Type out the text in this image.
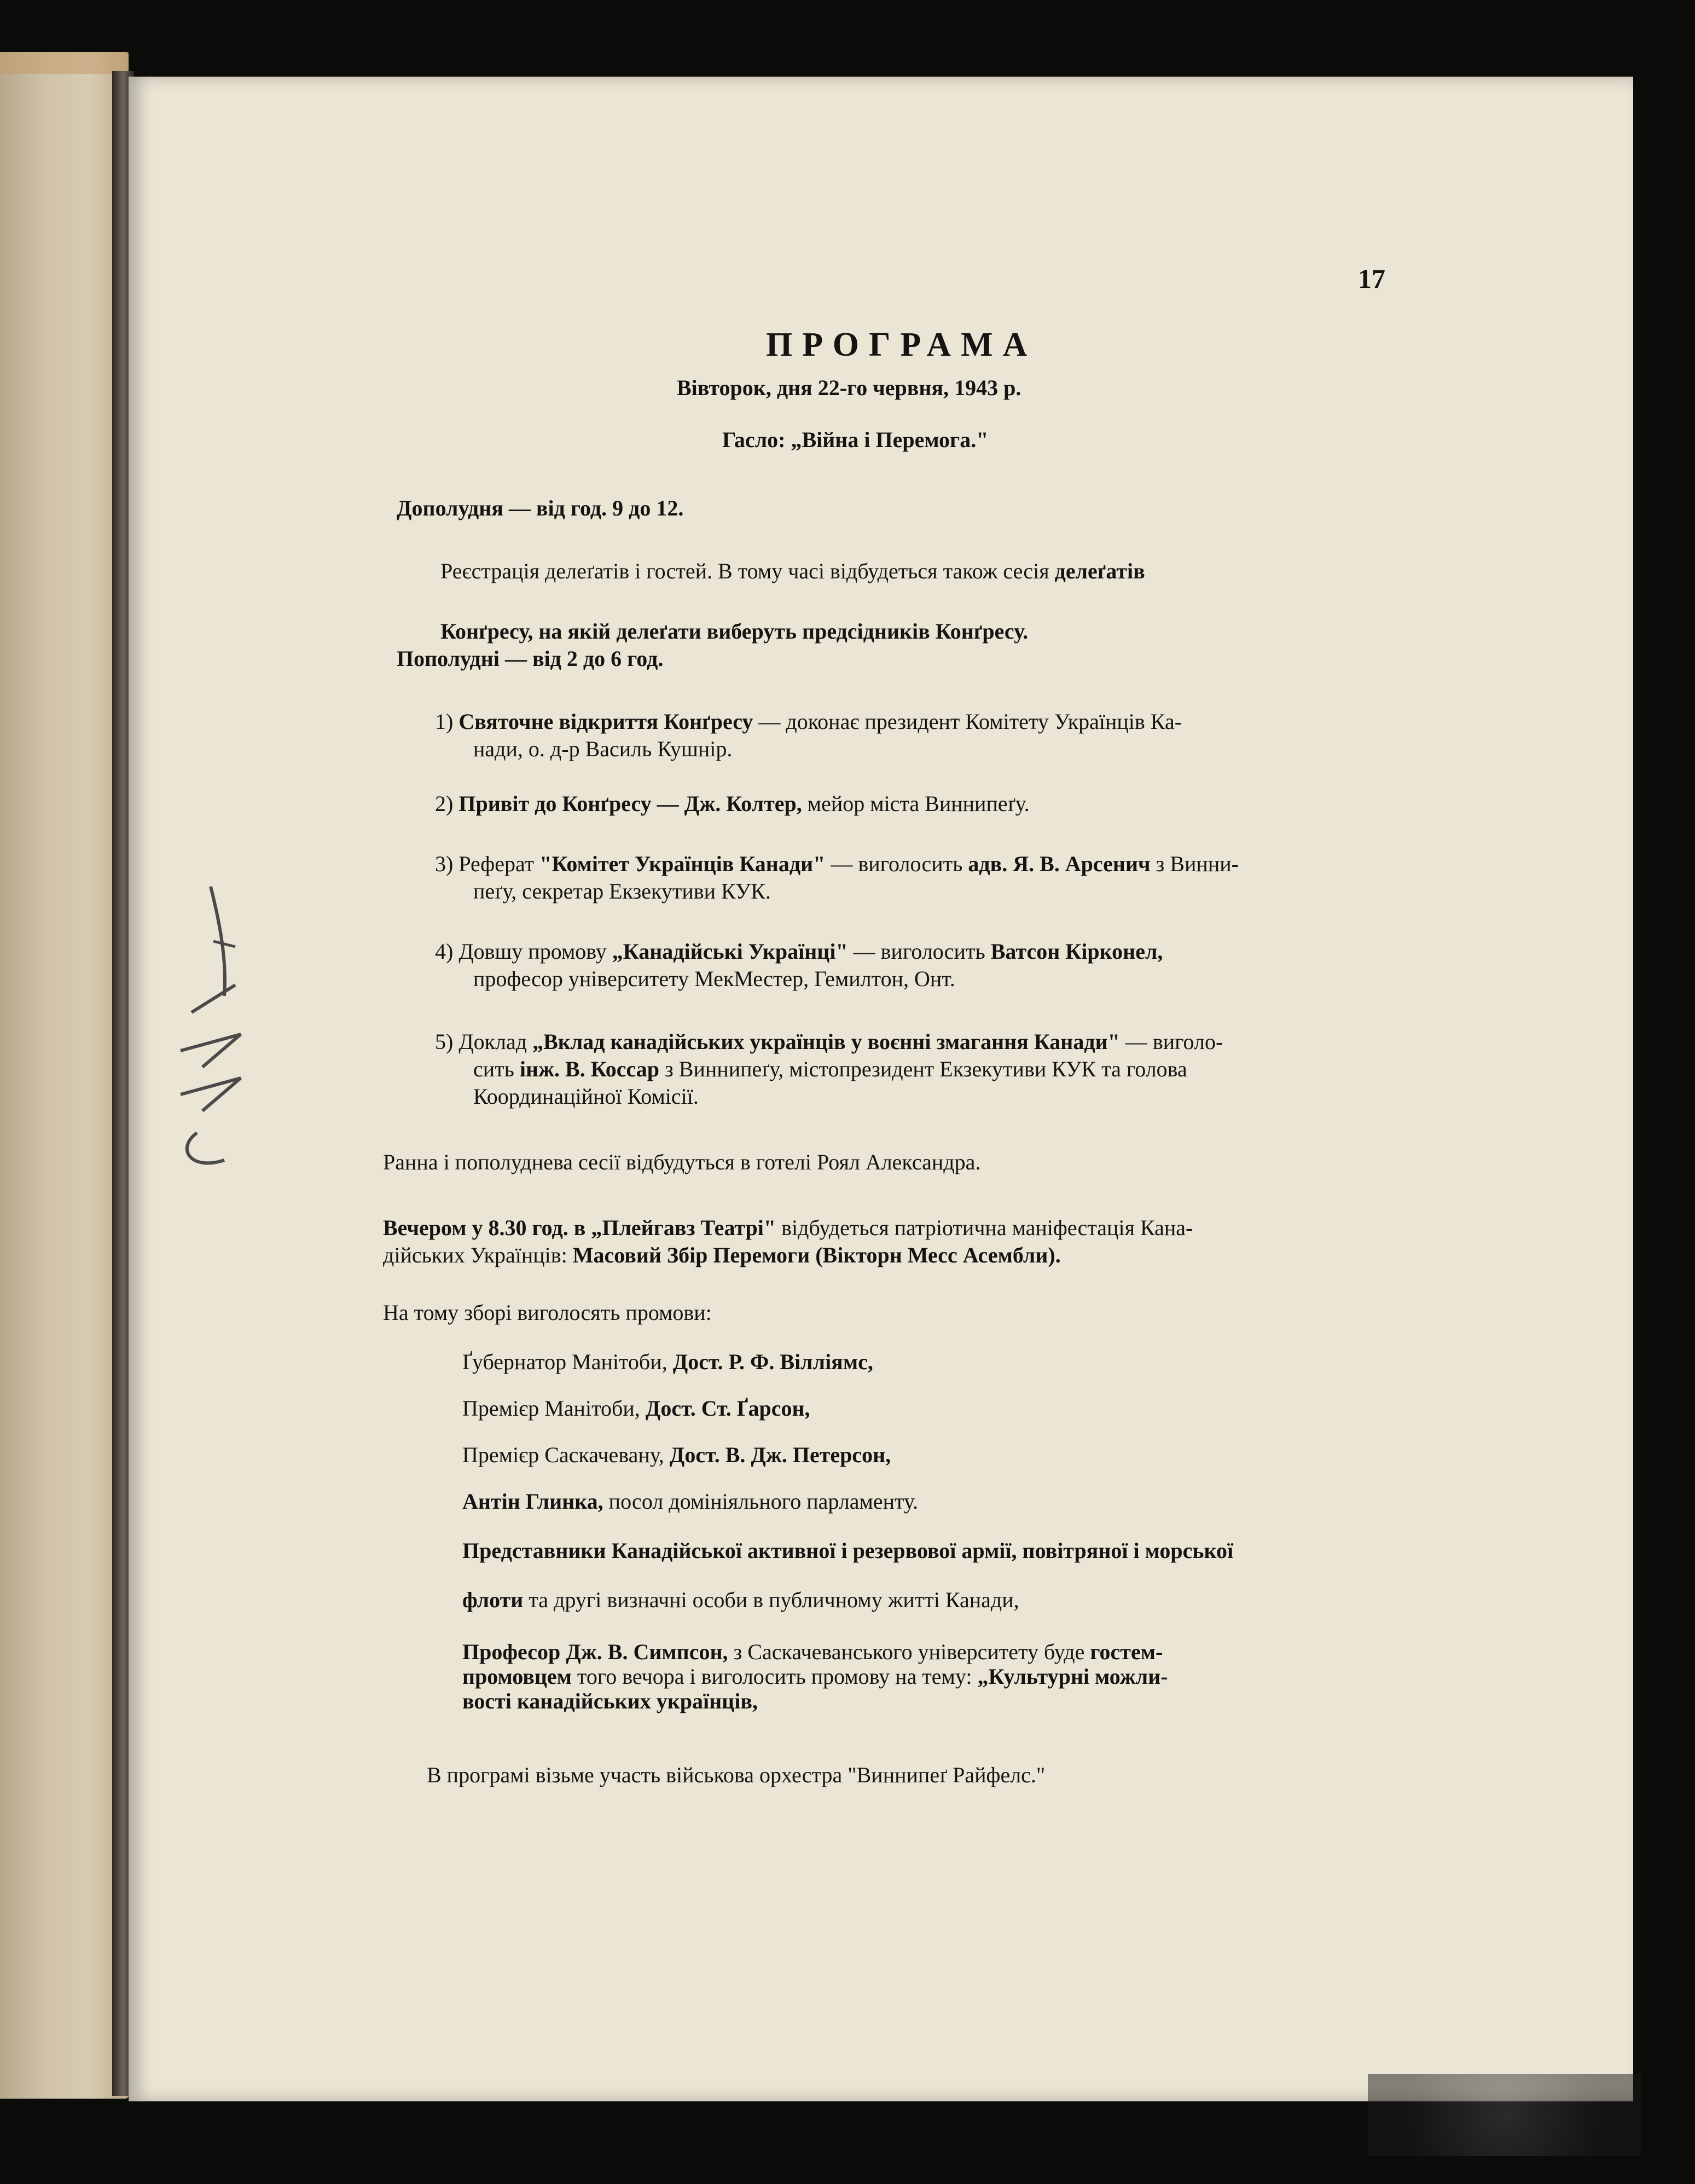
17
ПРОГРАМА
Вівторок, дня 22-го червня, 1943 р.
Гасло: „Війна і Перемога."
Дополудня — від год. 9 до 12.
Реєстрація делеґатів і гостей. В тому часі відбудеться також сесія делеґатів
Конґресу, на якій делеґати виберуть предсідників Конґресу.
Пополудні — від 2 до 6 год.
1) Святочне відкриття Конґресу — доконає президент Комітету Українців Ка-
нади, о. д-р Василь Кушнір.
2) Привіт до Конґресу — Дж. Колтер, мейор міста Виннипеґу.
3) Реферат "Комітет Українців Канади" — виголосить адв. Я. В. Арсенич з Винни-
пеґу, секретар Екзекутиви КУК.
4) Довшу промову „Канадійські Українці" — виголосить Ватсон Кірконел,
професор університету МекМестер, Гемилтон, Онт.
5) Доклад „Вклад канадійських українців у воєнні змагання Канади" — виголо-
сить інж. В. Коссар з Виннипеґу, містопрезидент Екзекутиви КУК та голова
Координаційної Комісії.
Ранна і пополуднева сесії відбудуться в готелі Роял Александра.
Вечером у 8.30 год. в „Плейгавз Театрі" відбудеться патріотична маніфестація Кана-
дійських Українців: Масовий Збір Перемоги (Вікторн Месс Асембли).
На тому зборі виголосять промови:
Ґубернатор Манітоби, Дост. Р. Ф. Вілліямс,
Премієр Манітоби, Дост. Ст. Ґарсон,
Премієр Саскачевану, Дост. В. Дж. Петерсон,
Антін Глинка, посол домініяльного парламенту.
Представники Канадійської активної і резервової армії, повітряної і морської
флоти та другі визначні особи в публичному житті Канади,
Професор Дж. В. Симпсон, з Саскачеванського університету буде гостем-
промовцем того вечора і виголосить промову на тему: „Культурні можли-
вості канадійських українців,
В програмі візьме участь військова орхестра "Виннипеґ Райфелс."
